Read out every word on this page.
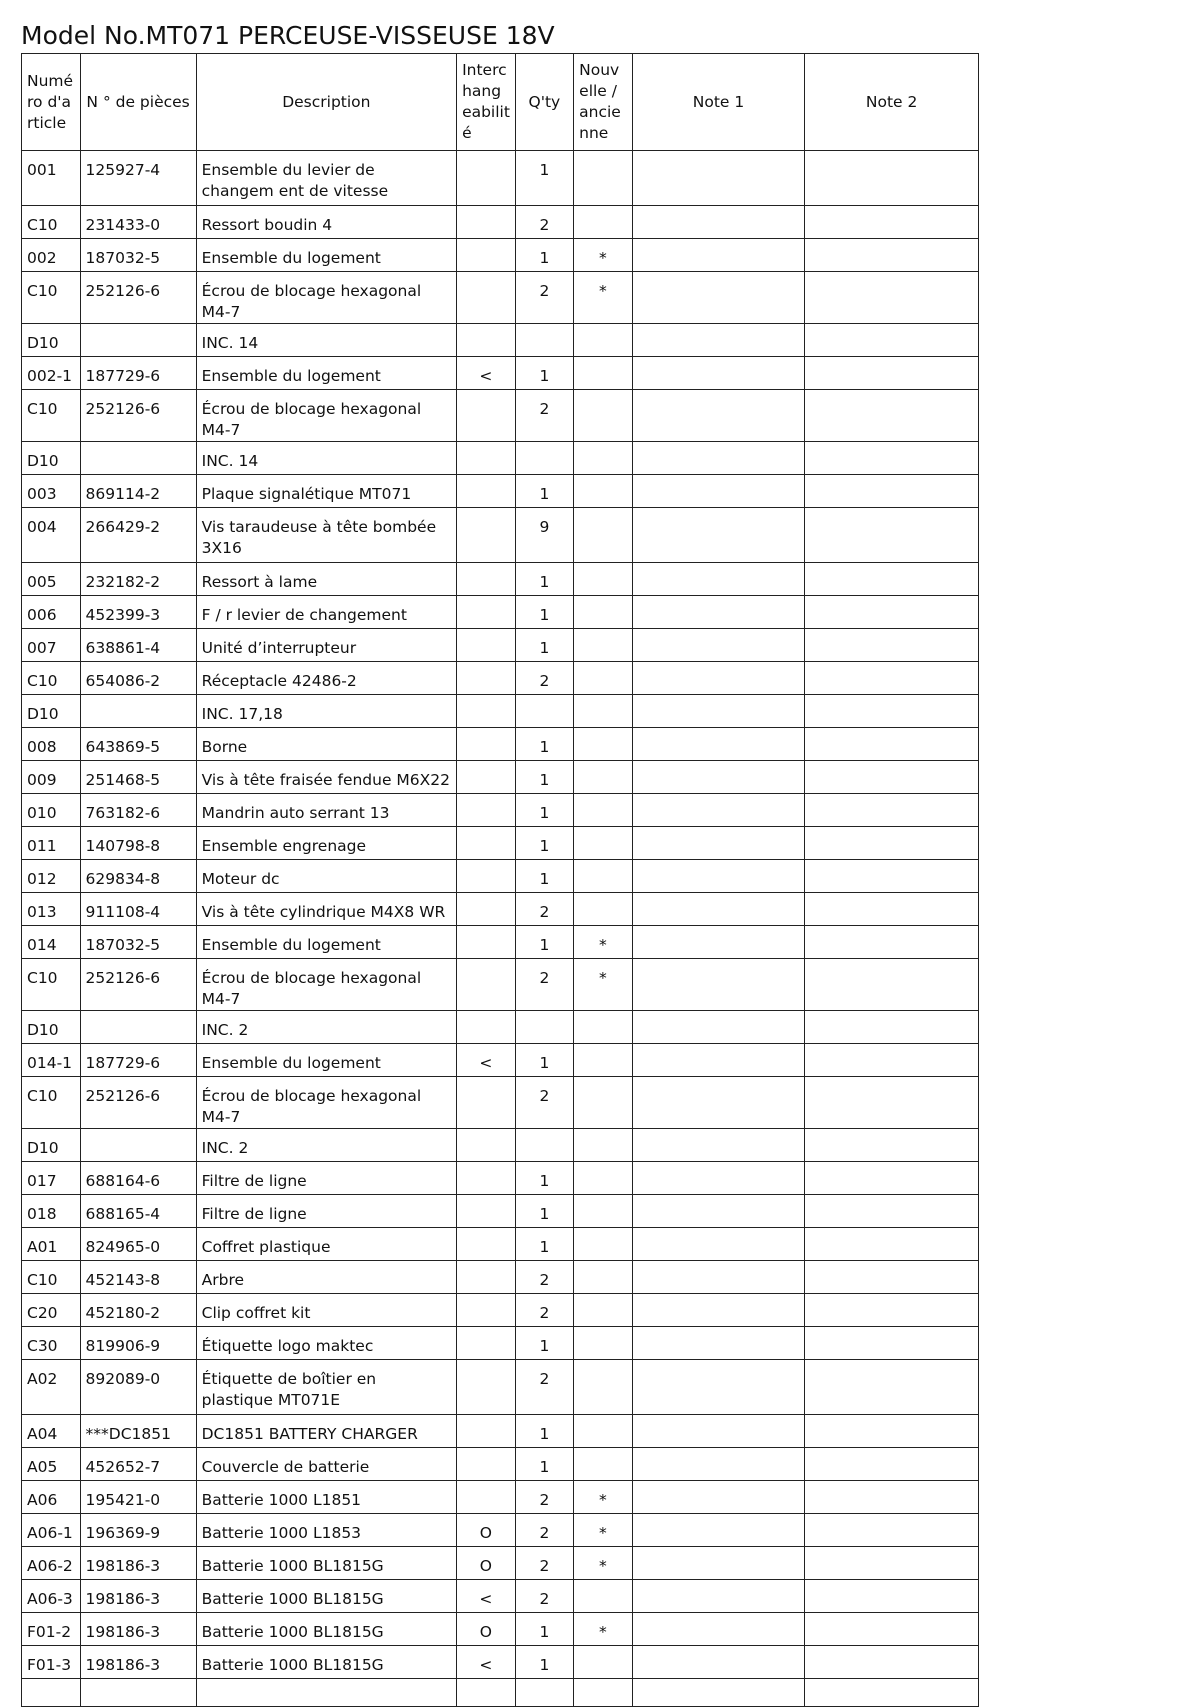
Model No.MT071 PERCEUSE-VISSEUSE 18V
Numé ro d'a rticle	N ° de pièces	Description	Interc hang eabilit é	Q'ty	Nouv elle / ancie nne	Note 1	Note 2
001	125927-4	Ensemble du levier de changem ent de vitesse		1			
C10	231433-0	Ressort boudin 4		2			
002	187032-5	Ensemble du logement		1	*		
C10	252126-6	Écrou de blocage hexagonal M4-7		2	*		
D10		INC. 14					
002-1	187729-6	Ensemble du logement	<	1			
C10	252126-6	Écrou de blocage hexagonal M4-7		2			
D10		INC. 14					
003	869114-2	Plaque signalétique MT071		1			
004	266429-2	Vis taraudeuse à tête bombée 3X16		9			
005	232182-2	Ressort à lame		1			
006	452399-3	F / r levier de changement		1			
007	638861-4	Unité d’interrupteur		1			
C10	654086-2	Réceptacle 42486-2		2			
D10		INC. 17,18					
008	643869-5	Borne		1			
009	251468-5	Vis à tête fraisée fendue M6X22		1			
010	763182-6	Mandrin auto serrant 13		1			
011	140798-8	Ensemble engrenage		1			
012	629834-8	Moteur dc		1			
013	911108-4	Vis à tête cylindrique M4X8 WR		2			
014	187032-5	Ensemble du logement		1	*		
C10	252126-6	Écrou de blocage hexagonal M4-7		2	*		
D10		INC. 2					
014-1	187729-6	Ensemble du logement	<	1			
C10	252126-6	Écrou de blocage hexagonal M4-7		2			
D10		INC. 2					
017	688164-6	Filtre de ligne		1			
018	688165-4	Filtre de ligne		1			
A01	824965-0	Coffret plastique		1			
C10	452143-8	Arbre		2			
C20	452180-2	Clip coffret kit		2			
C30	819906-9	Étiquette logo maktec		1			
A02	892089-0	Étiquette de boîtier en plastique MT071E		2			
A04	***DC1851	DC1851 BATTERY CHARGER		1			
A05	452652-7	Couvercle de batterie		1			
A06	195421-0	Batterie 1000 L1851		2	*		
A06-1	196369-9	Batterie 1000 L1853	O	2	*		
A06-2	198186-3	Batterie 1000 BL1815G	O	2	*		
A06-3	198186-3	Batterie 1000 BL1815G	<	2			
F01-2	198186-3	Batterie 1000 BL1815G	O	1	*		
F01-3	198186-3	Batterie 1000 BL1815G	<	1			
